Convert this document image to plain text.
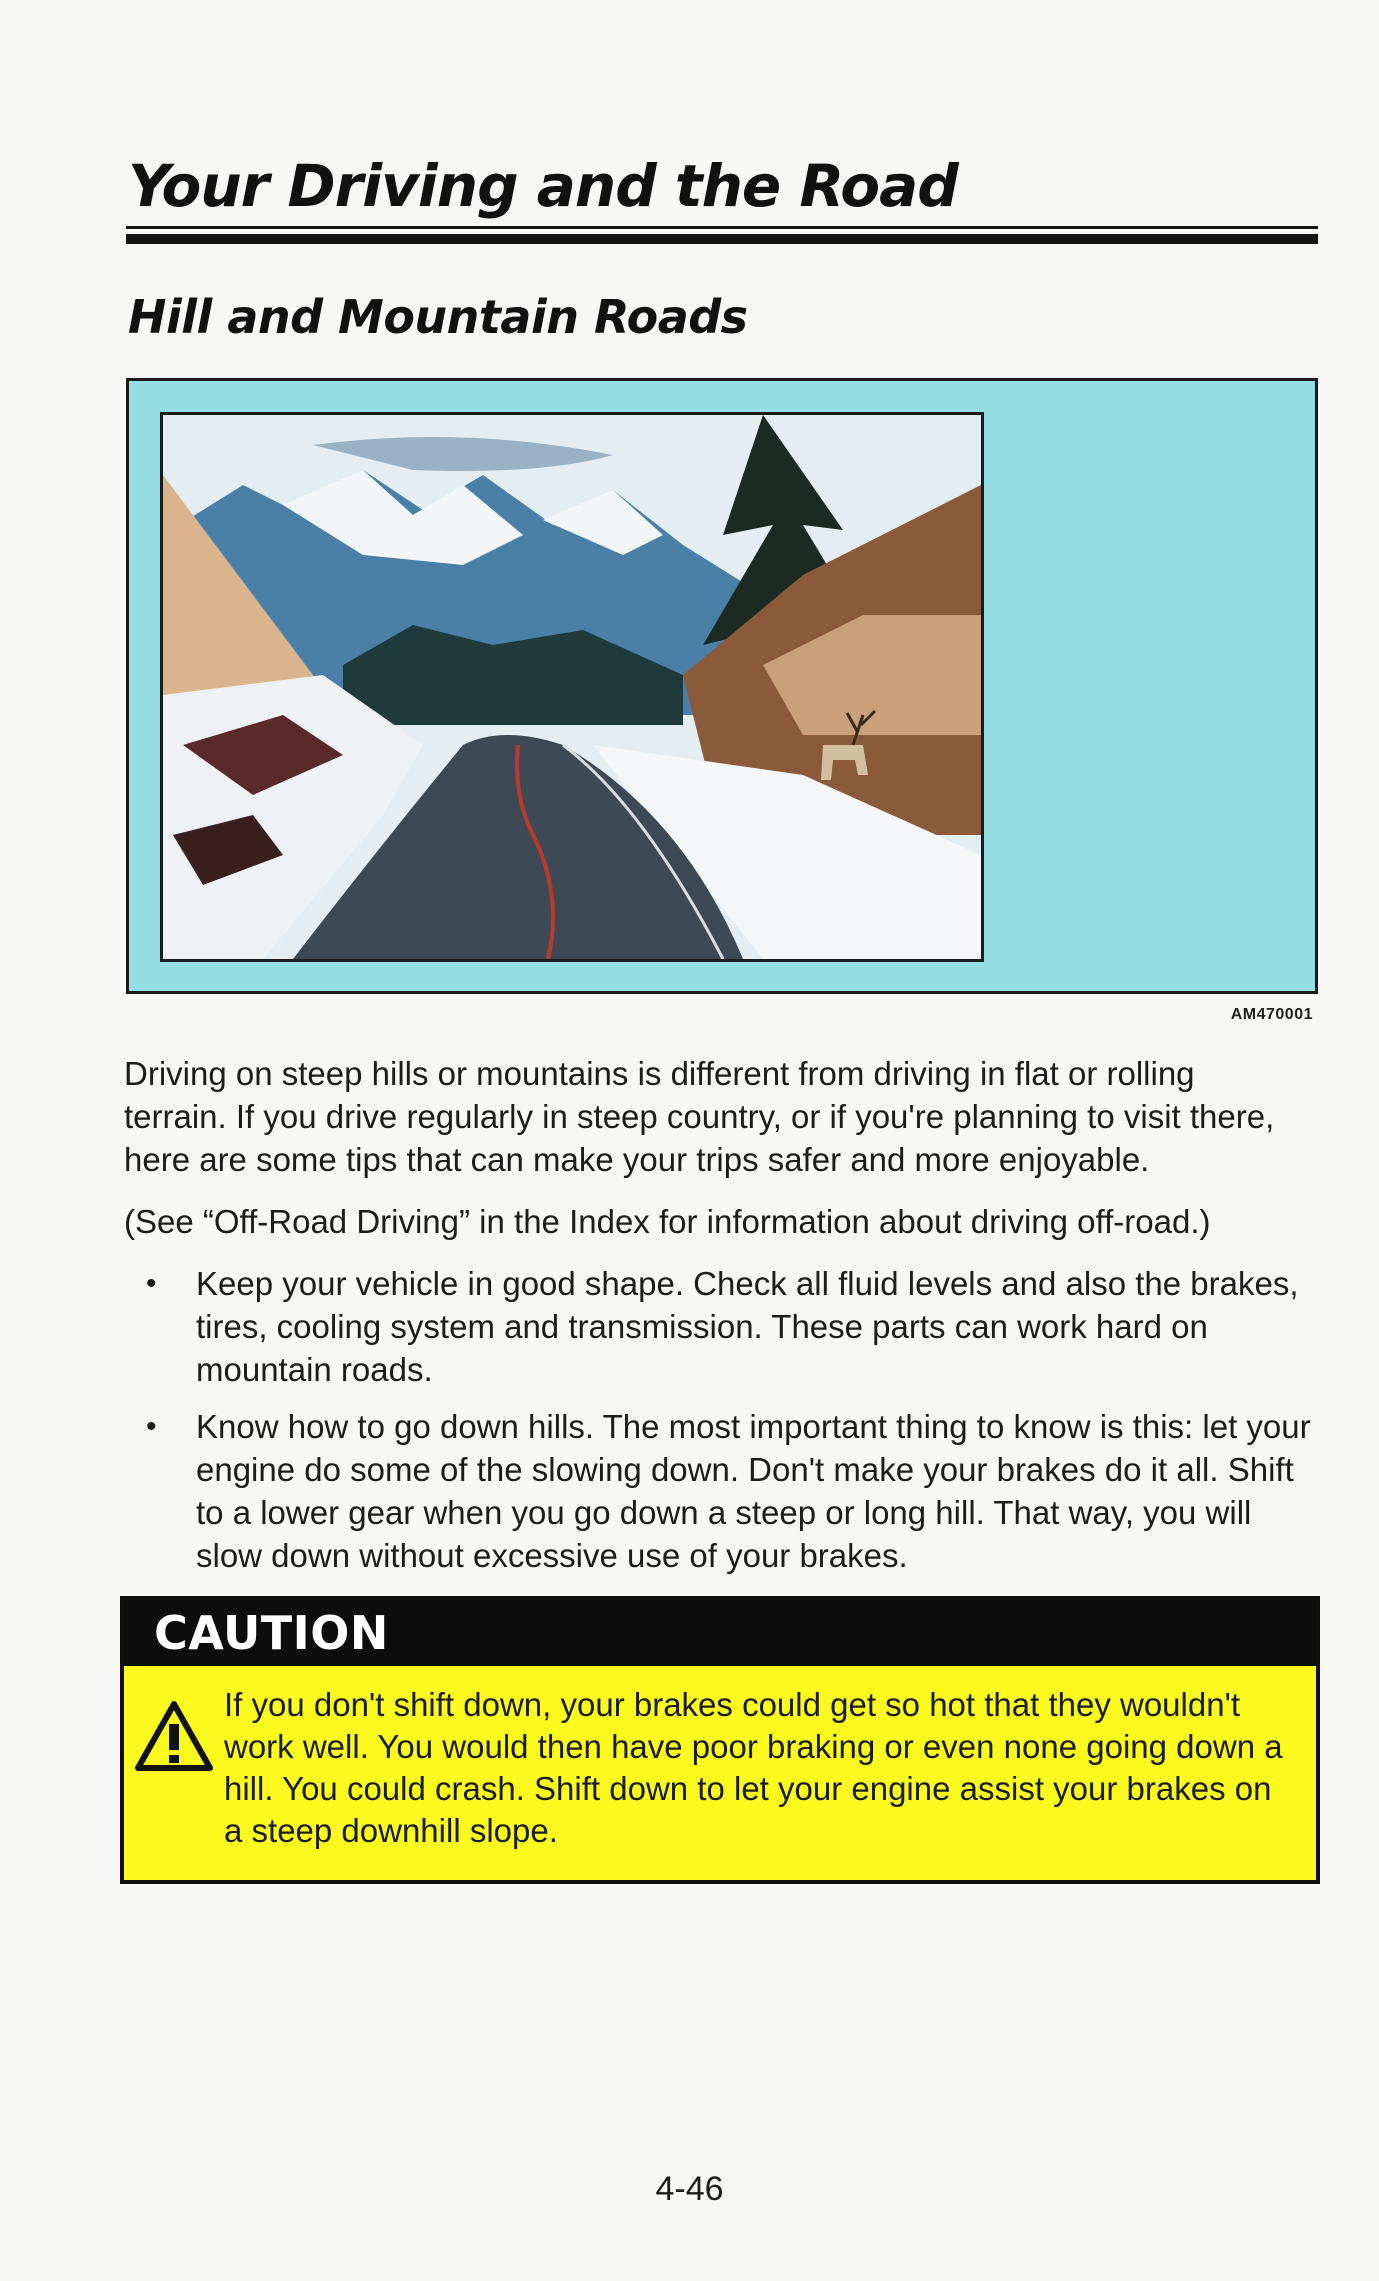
Your Driving and the Road
Hill and Mountain Roads
AM470001

Driving on steep hills or mountains is different from driving in flat or rolling terrain. If you drive regularly in steep country, or if you're planning to visit there, here are some tips that can make your trips safer and more enjoyable.

(See “Off-Road Driving” in the Index for information about driving off-road.)

• Keep your vehicle in good shape. Check all fluid levels and also the brakes, tires, cooling system and transmission. These parts can work hard on mountain roads.
• Know how to go down hills. The most important thing to know is this: let your engine do some of the slowing down. Don't make your brakes do it all. Shift to a lower gear when you go down a steep or long hill. That way, you will slow down without excessive use of your brakes.
CAUTION

If you don't shift down, your brakes could get so hot that they wouldn't work well. You would then have poor braking or even none going down a hill. You could crash. Shift down to let your engine assist your brakes on a steep downhill slope.

4-46
